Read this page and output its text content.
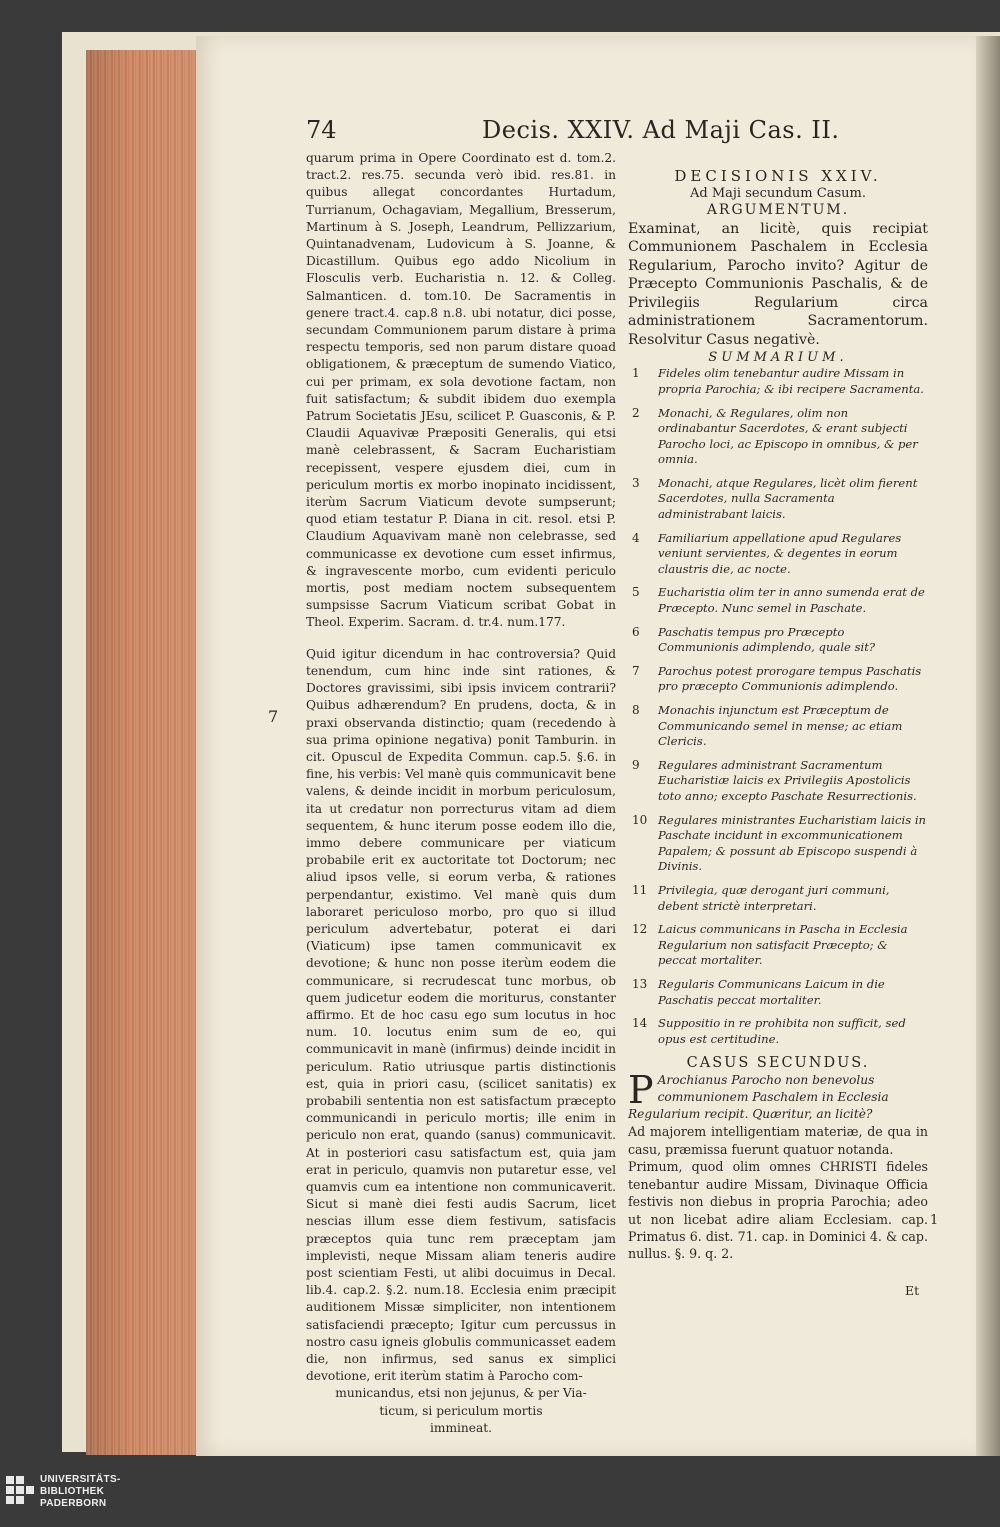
74	Decis. XXIV. Ad Maji Cas. II.

quarum prima in Opere Coordinato est d. tom.2. tract.2. res.75. secunda verò ibid. res.81. in quibus allegat concordantes Hurtadum, Turrianum, Ochagaviam, Megallium, Bresserum, Martinum à S. Joseph, Leandrum, Pellizzarium, Quintanadvenam, Ludovicum à S. Joanne, & Dicastillum. Quibus ego addo Nicolium in Flosculis verb. Eucharistia n. 12. & Colleg. Salmanticen. d. tom.10. De Sacramentis in genere tract.4. cap.8 n.8. ubi notatur, dici posse, secundam Communionem parum distare à prima respectu temporis, sed non parum distare quoad obligationem, & præceptum de sumendo Viatico, cui per primam, ex sola devotione factam, non fuit satisfactum; & subdit ibidem duo exempla Patrum Societatis JEsu, scilicet P. Guasconis, & P. Claudii Aquavivæ Præpositi Generalis, qui etsi manè celebrassent, & Sacram Eucharistiam recepissent, vespere ejusdem diei, cum in periculum mortis ex morbo inopinato incidissent, iterùm Sacrum Viaticum devote sumpserunt; quod etiam testatur P. Diana in cit. resol. etsi P. Claudium Aquavivam manè non celebrasse, sed communicasse ex devotione cum esset infirmus, & ingravescente morbo, cum evidenti periculo mortis, post mediam noctem subsequentem sumpsisse Sacrum Viaticum scribat Gobat in Theol. Experim. Sacram. d. tr.4. num.177.

Quid igitur dicendum in hac controversia? Quid tenendum, cum hinc inde sint rationes, & Doctores gravissimi, sibi ipsis invicem contrarii? Quibus adhærendum? En prudens, docta, & in praxi observanda distinctio; quam (recedendo à sua prima opinione negativa) ponit Tamburin. in cit. Opuscul de Expedita Commun. cap.5. §.6. in fine, his verbis: Vel manè quis communicavit bene valens, & deinde incidit in morbum periculosum, ita ut credatur non porrecturus vitam ad diem sequentem, & hunc iterum posse eodem illo die, immo debere communicare per viaticum probabile erit ex auctoritate tot Doctorum; nec aliud ipsos velle, si eorum verba, & rationes perpendantur, existimo. Vel manè quis dum laboraret periculoso morbo, pro quo si illud periculum advertebatur, poterat ei dari (Viaticum) ipse tamen communicavit ex devotione; & hunc non posse iterùm eodem die communicare, si recrudescat tunc morbus, ob quem judicetur eodem die moriturus, constanter affirmo. Et de hoc casu ego sum locutus in hoc num. 10. locutus enim sum de eo, qui communicavit in manè (infirmus) deinde incidit in periculum. Ratio utriusque partis distinctionis est, quia in priori casu, (scilicet sanitatis) ex probabili sententia non est satisfactum præcepto communicandi in periculo mortis; ille enim in periculo non erat, quando (sanus) communicavit. At in posteriori casu satisfactum est, quia jam erat in periculo, quamvis non putaretur esse, vel quamvis cum ea intentione non communicaverit. Sicut si manè diei festi audis Sacrum, licet nescias illum esse diem festivum, satisfacis præceptos quia tunc rem præceptam jam implevisti, neque Missam aliam teneris audire post scientiam Festi, ut alibi docuimus in Decal. lib.4. cap.2. §.2. num.18. Ecclesia enim præcipit auditionem Missæ simpliciter, non intentionem satisfaciendi præcepto; Igitur cum percussus in nostro casu igneis globulis communicasset eadem die, non infirmus, sed sanus ex simplici devotione, erit iterùm statim à Parocho com-

municandus, etsi non jejunus, & per Via-

ticum, si periculum mortis

immineat.

7

DECISIONIS XXIV.

Ad Maji secundum Casum.

ARGUMENTUM.

Examinat, an licitè, quis recipiat Communionem Paschalem in Ecclesia Regularium, Parocho invito? Agitur de Præcepto Communionis Paschalis, & de Privilegiis Regularium circa administrationem Sacramentorum. Resolvitur Casus negativè.

SUMMARIUM.

1 Fideles olim tenebantur audire Missam in propria Parochia; & ibi recipere Sacramenta.
2 Monachi, & Regulares, olim non ordinabantur Sacerdotes, & erant subjecti Parocho loci, ac Episcopo in omnibus, & per omnia.
3 Monachi, atque Regulares, licèt olim fierent Sacerdotes, nulla Sacramenta administrabant laicis.
4 Familiarium appellatione apud Regulares veniunt servientes, & degentes in eorum claustris die, ac nocte.
5 Eucharistia olim ter in anno sumenda erat de Præcepto. Nunc semel in Paschate.
6 Paschatis tempus pro Præcepto Communionis adimplendo, quale sit?
7 Parochus potest prorogare tempus Paschatis pro præcepto Communionis adimplendo.
8 Monachis injunctum est Præceptum de Communicando semel in mense; ac etiam Clericis.
9 Regulares administrant Sacramentum Eucharistiæ laicis ex Privilegiis Apostolicis toto anno; excepto Paschate Resurrectionis.
10 Regulares ministrantes Eucharistiam laicis in Paschate incidunt in excommunicationem Papalem; & possunt ab Episcopo suspendi à Divinis.
11 Privilegia, quæ derogant juri communi, debent strictè interpretari.
12 Laicus communicans in Pascha in Ecclesia Regularium non satisfacit Præcepto; & peccat mortaliter.
13 Regularis Communicans Laicum in die Paschatis peccat mortaliter.
14 Suppositio in re prohibita non sufficit, sed opus est certitudine.

CASUS SECUNDUS.

P Arochianus Parocho non benevolus communionem Paschalem in Ecclesia Regularium recipit. Quæritur, an licitè?

Ad majorem intelligentiam materiæ, de qua in casu, præmissa fuerunt quatuor notanda.

Primum, quod olim omnes CHRISTI fideles tenebantur audire Missam, Divinaque Officia festivis non diebus in propria Parochia; adeo ut non licebat adire aliam Ecclesiam. cap. Primatus 6. dist. 71. cap. in Dominici 4. & cap. nullus. §. 9. q. 2.

1
Et
UNIVERSITÄTS-
BIBLIOTHEK
PADERBORN
